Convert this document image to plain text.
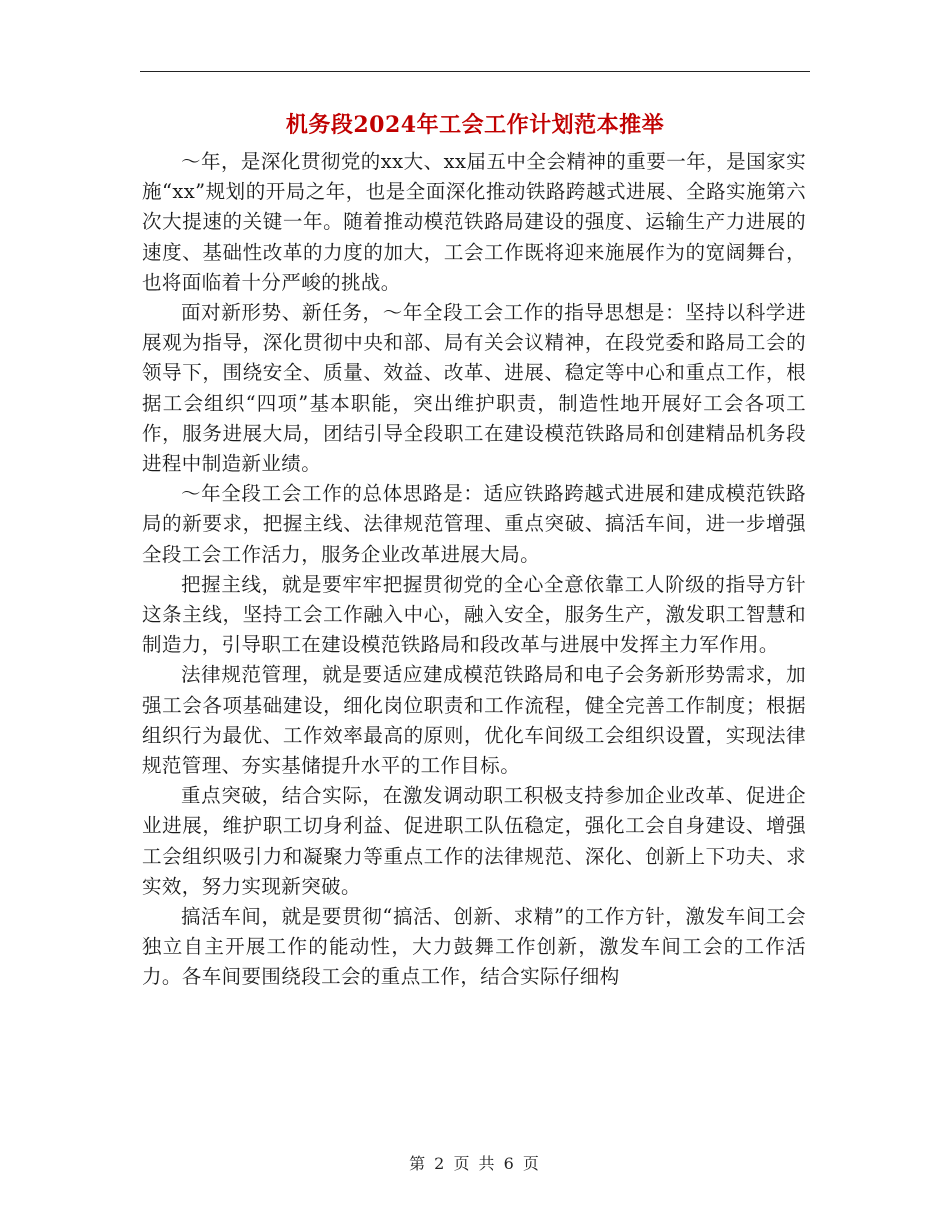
机务段2024年工会工作计划范本推举

～年，是深化贯彻党的xx大、xx届五中全会精神的重要一年，是国家实施“xx”规划的开局之年，也是全面深化推动铁路跨越式进展、全路实施第六次大提速的关键一年。随着推动模范铁路局建设的强度、运输生产力进展的速度、基础性改革的力度的加大，工会工作既将迎来施展作为的宽阔舞台，也将面临着十分严峻的挑战。

面对新形势、新任务，～年全段工会工作的指导思想是：坚持以科学进展观为指导，深化贯彻中央和部、局有关会议精神，在段党委和路局工会的领导下，围绕安全、质量、效益、改革、进展、稳定等中心和重点工作，根据工会组织“四项”基本职能，突出维护职责，制造性地开展好工会各项工作，服务进展大局，团结引导全段职工在建设模范铁路局和创建精品机务段进程中制造新业绩。

～年全段工会工作的总体思路是：适应铁路跨越式进展和建成模范铁路局的新要求，把握主线、法律规范管理、重点突破、搞活车间，进一步增强全段工会工作活力，服务企业改革进展大局。

把握主线，就是要牢牢把握贯彻党的全心全意依靠工人阶级的指导方针这条主线，坚持工会工作融入中心，融入安全，服务生产，激发职工智慧和制造力，引导职工在建设模范铁路局和段改革与进展中发挥主力军作用。

法律规范管理，就是要适应建成模范铁路局和电子会务新形势需求，加强工会各项基础建设，细化岗位职责和工作流程，健全完善工作制度；根据组织行为最优、工作效率最高的原则，优化车间级工会组织设置，实现法律规范管理、夯实基储提升水平的工作目标。

重点突破，结合实际，在激发调动职工积极支持参加企业改革、促进企业进展，维护职工切身利益、促进职工队伍稳定，强化工会自身建设、增强工会组织吸引力和凝聚力等重点工作的法律规范、深化、创新上下功夫、求实效，努力实现新突破。

搞活车间，就是要贯彻“搞活、创新、求精”的工作方针，激发车间工会独立自主开展工作的能动性，大力鼓舞工作创新，激发车间工会的工作活力。各车间要围绕段工会的重点工作，结合实际仔细构

第 2 页 共 6 页
